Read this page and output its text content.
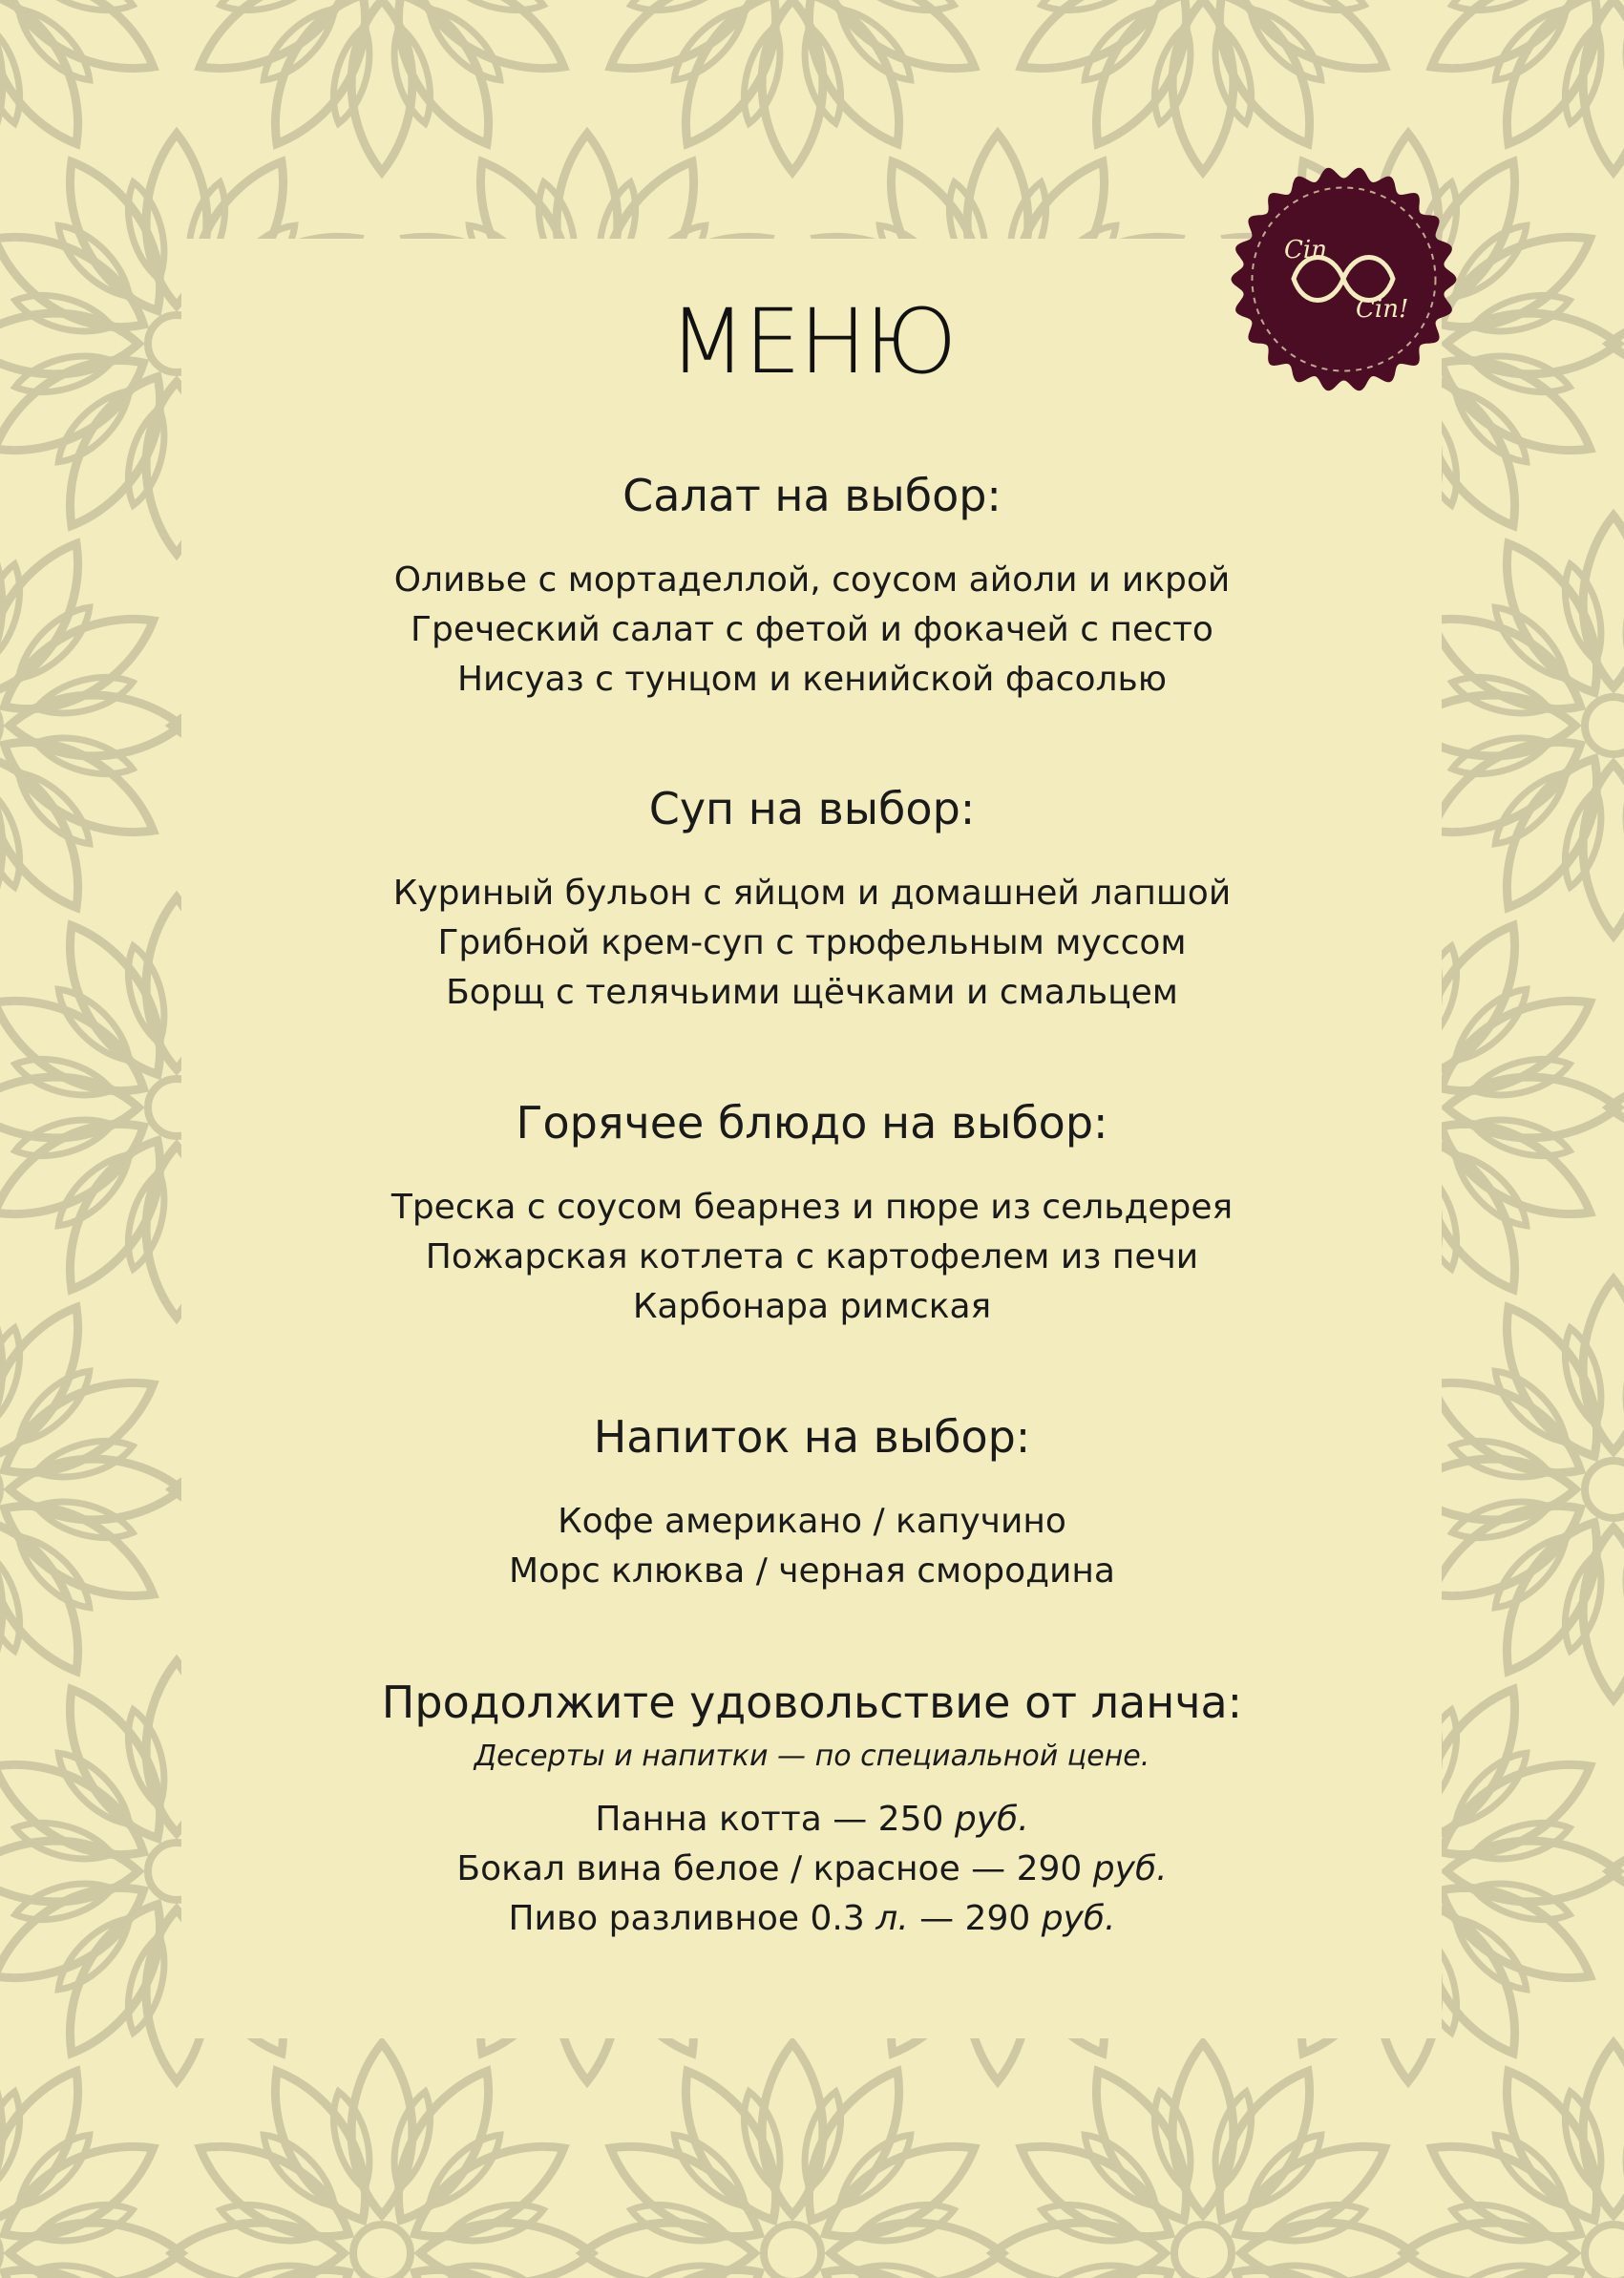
Cin
Cin!
МЕНЮ
Салат на выбор:
Оливье с мортаделлой, соусом айоли и икрой
Греческий салат с фетой и фокачей с песто
Нисуаз с тунцом и кенийской фасолью
Суп на выбор:
Куриный бульон с яйцом и домашней лапшой
Грибной крем-суп с трюфельным муссом
Борщ с телячьими щёчками и смальцем
Горячее блюдо на выбор:
Треска с соусом беарнез и пюре из сельдерея
Пожарская котлета с картофелем из печи
Карбонара римская
Напиток на выбор:
Кофе американо / капучино
Морс клюква / черная смородина
Продолжите удовольствие от ланча:
Десерты и напитки — по специальной цене.
Панна котта — 250 руб.
Бокал вина белое / красное — 290 руб.
Пиво разливное 0.3 л. — 290 руб.
